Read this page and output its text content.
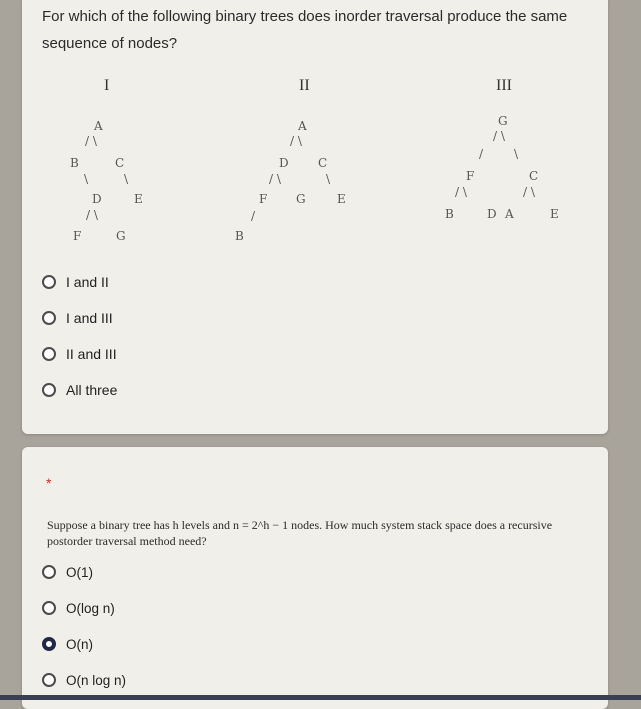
For which of the following binary trees does inorder traversal produce the same sequence of nodes?

I
A
/ \
B	C
\	\
D	E
/ \
F	G
II
A
/ \
D C
/ \	\
F G	E
/
B
III
G
/ \
/	\
F	C
/ \	/ \
B	D A	E
I and II
I and III
II and III
All three
*

Suppose a binary tree has h levels and n = 2^h − 1 nodes. How much system stack space does a recursive postorder traversal method need?

O(1)
O(log n)
O(n)
O(n log n)
